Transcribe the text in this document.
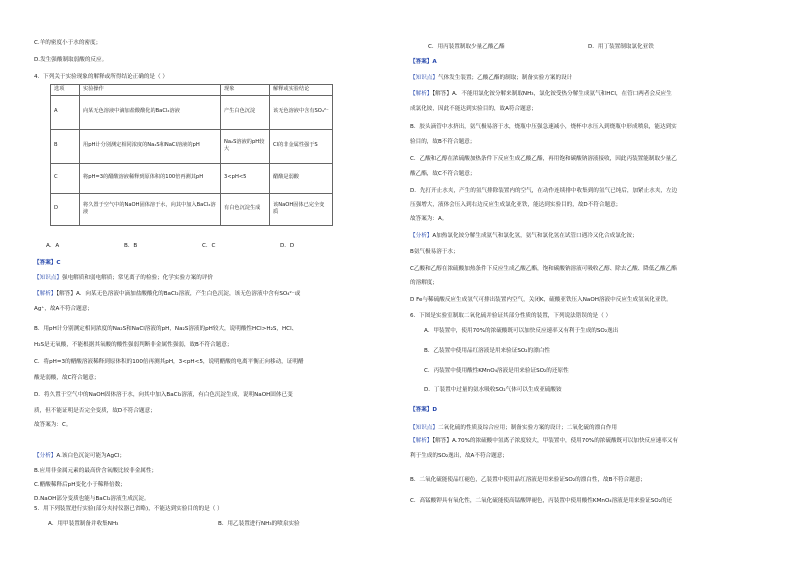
C.羊的密度小于水的密度；
D.发生强酸制取弱酸的反应。
4．下列关于实验现象的解释或所得结论正确的是（ ）
选项	实验操作	现象	解释或实验结论
A	向某无色溶液中滴加盐酸酸化的BaCl₂溶液	产生白色沉淀	该无色溶液中含有SO₄²⁻
B	用pH计分别测定相同浓度的Na₂S和NaCl溶液的pH	Na₂S溶液的pH较大	Cl的非金属性强于S
C	将pH=3的醋酸溶液稀释到原体积的100倍再测其pH	3<pH<5	醋酸是弱酸
D	将久置于空气中的NaOH固体溶于水，向其中加入BaCl₂溶液	有白色沉淀生成	该NaOH固体已完全变质
A．A	B．B	C．C	D．D
【答案】C
【知识点】强电解质和弱电解质；常见离子的检验；化学实验方案的评价
【解析】【解答】A．向某无色溶液中滴加盐酸酸化的BaCl₂溶液，产生白色沉淀，该无色溶液中含有SO₄²⁻或
Ag⁺，故A不符合题意；
B．用pH计分别测定相同浓度的Na₂S和NaCl溶液的pH，Na₂S溶液的pH较大，说明酸性HCl>H₂S，HCl、
H₂S是无氧酸，不能根据其氧酸的酸性强弱判断非金属性强弱，故B不符合题意；
C．将pH=3的醋酸溶液稀释到原体积的100倍再测其pH，3<pH<5，说明醋酸的电离平衡正向移动，证明醋
酸是弱酸，故C符合题意；
D．将久置于空气中的NaOH固体溶于水，向其中加入BaCl₂溶液，有白色沉淀生成，说明NaOH固体已变
质，但不能证明是否完全变质，故D不符合题意；
故答案为：C。
【分析】A.该白色沉淀可能为AgCl；
B.应用非金属元素的最高价含氧酸比较非金属性；
C.醋酸稀释后pH变化小于稀释倍数；
D.NaOH部分变质也能与BaCl₂溶液生成沉淀。
5．用下列装置进行实验(部分夹持仪器已省略)，不能达到实验目的的是（ ）
A．用甲装置制备并收集NH₃	B．用乙装置进行NH₃的喷泉实验
C．用丙装置制取少量乙酸乙酯	D．用丁装置制取氯化亚铁
【答案】A
【知识点】气体发生装置；乙酸乙酯的制取；制备实验方案的设计
【解析】【解答】A．不能用氯化铵分解来制取NH₃，氯化铵受热分解生成氨气和HCl，在管口两者会反应生
成氯化铵，因此不能达到实验目的，故A符合题意；
B．胶头滴管中水挤出，氨气极易溶于水，烧瓶中压强急速减小，烧杯中水压入到烧瓶中形成喷泉，能达到实
验目的，故B不符合题意；
C．乙酸和乙醇在浓硫酸加热条件下反应生成乙酸乙酯，再用饱和碳酸钠溶液接收，因此丙装置能制取少量乙
酸乙酯，故C不符合题意；
D．先打开止水夹，产生的氢气排除装置内的空气，在动作连续排中收集到的氢气已纯后，加紧止水夹，左边
压强增大，液体会压入到右边反应生成氯化亚铁，能达到实验目的，故D不符合题意；
故答案为：A。
【分析】A加热氯化铵分解生成氨气和氯化氢，氨气和氯化氢在试管口遇冷又化合成氯化铵；
B氨气极易溶于水；
C乙酸和乙醇在浓硫酸加热条件下反应生成乙酸乙酯，饱和碳酸钠溶液可吸收乙醇、除去乙酸、降低乙酸乙酯
的溶解度；
D Fe与稀硫酸反应生成氢气可排出装置内空气，关闭K，硫酸亚铁压入NaOH溶液中反应生成氢氧化亚铁。
6．下图是实验室制取二氧化硫并验证其部分性质的装置，下列说法错误的是（ ）
A．甲装置中，使用70%的浓硫酸既可以加快反应速率又有利于生成的SO₂逸出
B．乙装置中使用品红溶液是用来验证SO₂的漂白性
C．丙装置中使用酸性KMnO₄溶液是用来验证SO₂的还原性
D．丁装置中过量的氨水吸收SO₂气体可以生成亚硫酸铵
【答案】D
【知识点】二氧化硫的性质及综合应用；制备实验方案的设计；二氧化硫的漂白作用
【解析】【解答】A.70%的浓硫酸中氢离子浓度较大，甲装置中，使用70%的浓硫酸既可以加快反应速率又有
利于生成的SO₂逸出，故A不符合题意；
B．二氧化硫能使品红褪色，乙装置中使用品红溶液是用来验证SO₂的漂白性，故B不符合题意；
C．高锰酸钾具有氧化性，二氧化硫能使高锰酸钾褪色，丙装置中使用酸性KMnO₄溶液是用来验证SO₂的还
